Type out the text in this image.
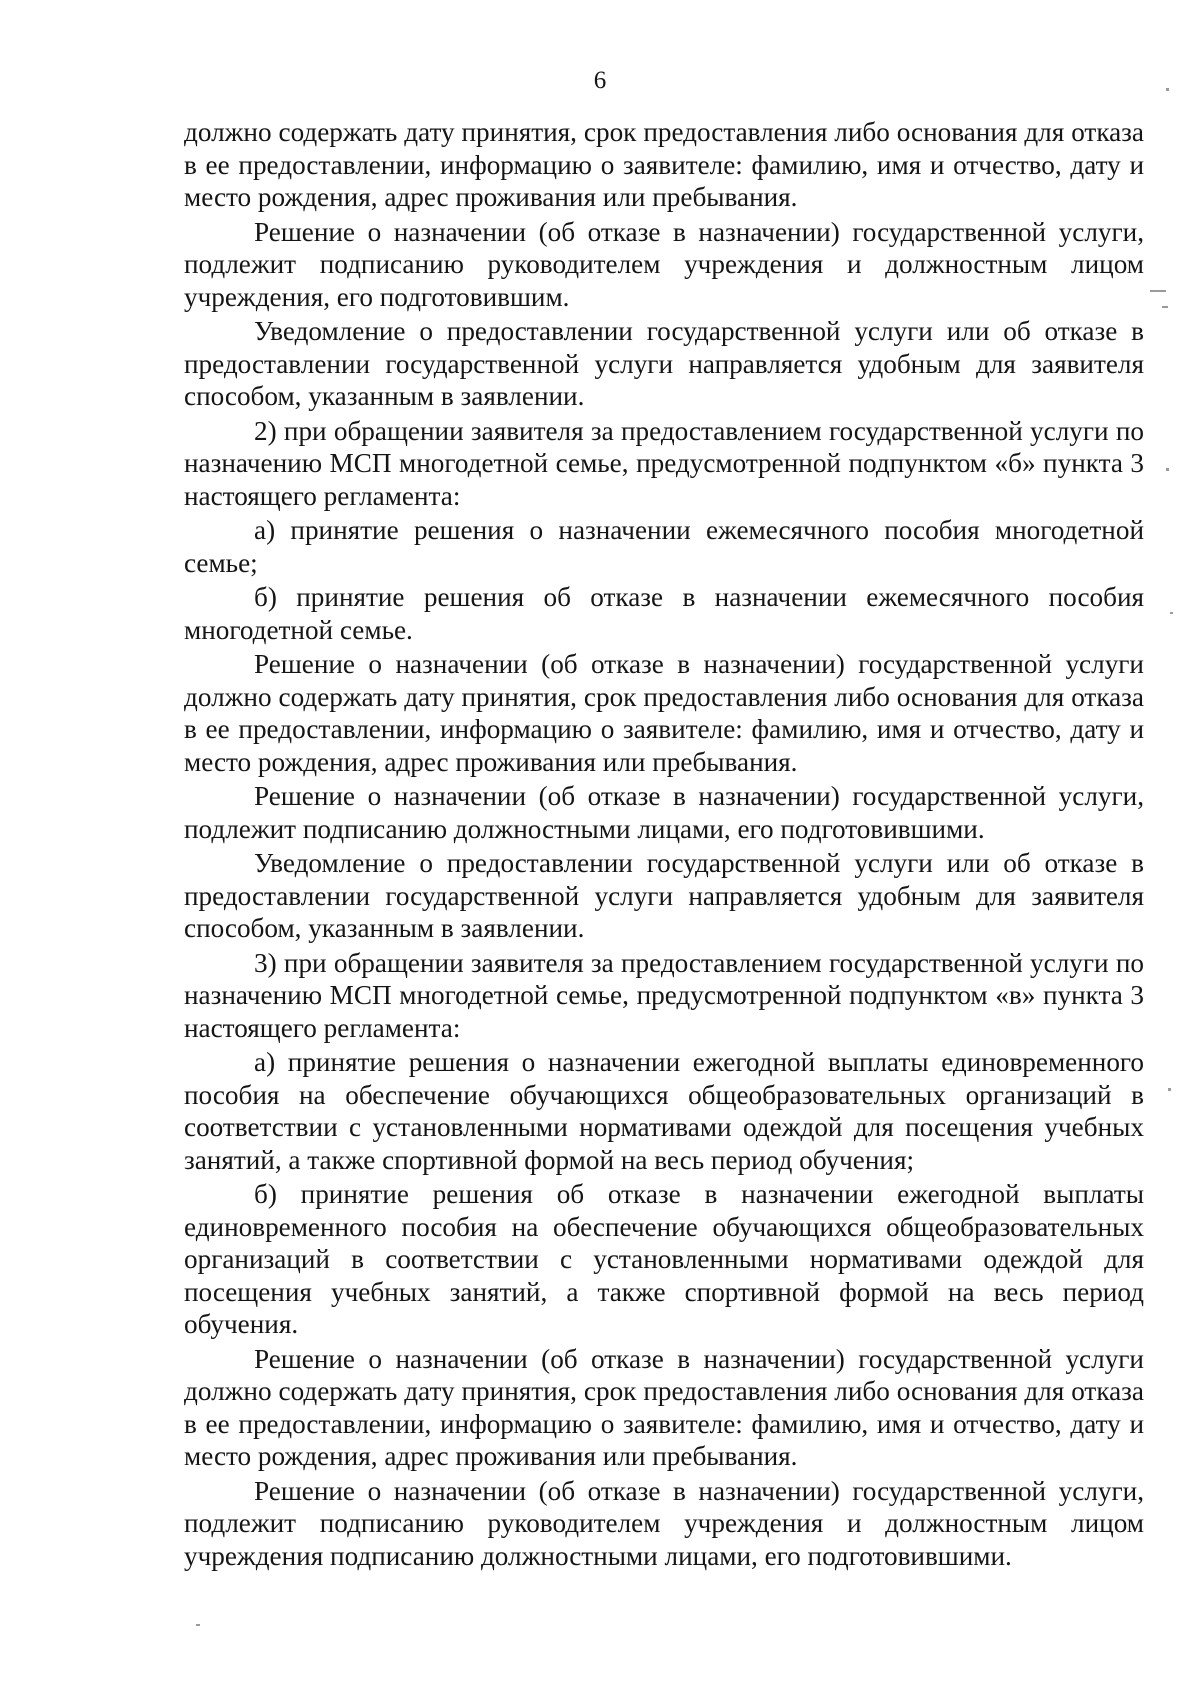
6

должно содержать дату принятия, срок предоставления либо основания для отказа в ее предоставлении, информацию о заявителе: фамилию, имя и отчество, дату и место рождения, адрес проживания или пребывания.

Решение о назначении (об отказе в назначении) государственной услуги, подлежит подписанию руководителем учреждения и должностным лицом учреждения, его подготовившим.

Уведомление о предоставлении государственной услуги или об отказе в предоставлении государственной услуги направляется удобным для заявителя способом, указанным в заявлении.

2) при обращении заявителя за предоставлением государственной услуги по назначению МСП многодетной семье, предусмотренной подпунктом «б» пункта 3 настоящего регламента:

а) принятие решения о назначении ежемесячного пособия многодетной семье;

б) принятие решения об отказе в назначении ежемесячного пособия многодетной семье.

Решение о назначении (об отказе в назначении) государственной услуги должно содержать дату принятия, срок предоставления либо основания для отказа в ее предоставлении, информацию о заявителе: фамилию, имя и отчество, дату и место рождения, адрес проживания или пребывания.

Решение о назначении (об отказе в назначении) государственной услуги, подлежит подписанию должностными лицами, его подготовившими.

Уведомление о предоставлении государственной услуги или об отказе в предоставлении государственной услуги направляется удобным для заявителя способом, указанным в заявлении.

3) при обращении заявителя за предоставлением государственной услуги по назначению МСП многодетной семье, предусмотренной подпунктом «в» пункта 3 настоящего регламента:

а) принятие решения о назначении ежегодной выплаты единовременного пособия на обеспечение обучающихся общеобразовательных организаций в соответствии с установленными нормативами одеждой для посещения учебных занятий, а также спортивной формой на весь период обучения;

б) принятие решения об отказе в назначении ежегодной выплаты единовременного пособия на обеспечение обучающихся общеобразовательных организаций в соответствии с установленными нормативами одеждой для посещения учебных занятий, а также спортивной формой на весь период обучения.

Решение о назначении (об отказе в назначении) государственной услуги должно содержать дату принятия, срок предоставления либо основания для отказа в ее предоставлении, информацию о заявителе: фамилию, имя и отчество, дату и место рождения, адрес проживания или пребывания.

Решение о назначении (об отказе в назначении) государственной услуги, подлежит подписанию руководителем учреждения и должностным лицом учреждения подписанию должностными лицами, его подготовившими.
